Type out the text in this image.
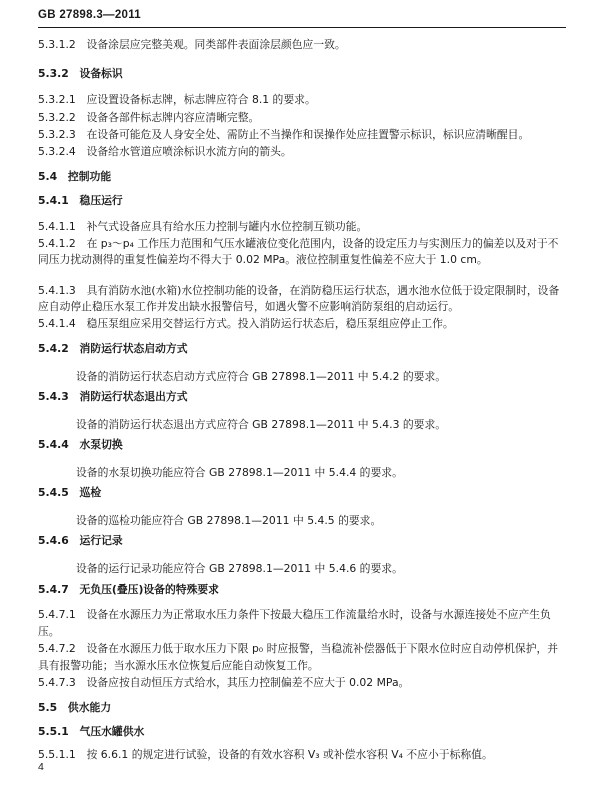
GB 27898.3—2011
5.3.1.2　设备涂层应完整美观。同类部件表面涂层颜色应一致。
5.3.2　设备标识
5.3.2.1　应设置设备标志牌，标志牌应符合 8.1 的要求。
5.3.2.2　设备各部件标志牌内容应清晰完整。
5.3.2.3　在设备可能危及人身安全处、需防止不当操作和误操作处应挂置警示标识，标识应清晰醒目。
5.3.2.4　设备给水管道应喷涂标识水流方向的箭头。
5.4　控制功能
5.4.1　稳压运行
5.4.1.1　补气式设备应具有给水压力控制与罐内水位控制互锁功能。
5.4.1.2　在 p₃～p₄ 工作压力范围和气压水罐液位变化范围内，设备的设定压力与实测压力的偏差以及对于不同压力扰动测得的重复性偏差均不得大于 0.02 MPa。液位控制重复性偏差不应大于 1.0 cm。
5.4.1.3　具有消防水池(水箱)水位控制功能的设备，在消防稳压运行状态，遇水池水位低于设定限制时，设备应自动停止稳压水泵工作并发出缺水报警信号，如遇火警不应影响消防泵组的启动运行。
5.4.1.4　稳压泵组应采用交替运行方式。投入消防运行状态后，稳压泵组应停止工作。
5.4.2　消防运行状态启动方式
设备的消防运行状态启动方式应符合 GB 27898.1—2011 中 5.4.2 的要求。
5.4.3　消防运行状态退出方式
设备的消防运行状态退出方式应符合 GB 27898.1—2011 中 5.4.3 的要求。
5.4.4　水泵切换
设备的水泵切换功能应符合 GB 27898.1—2011 中 5.4.4 的要求。
5.4.5　巡检
设备的巡检功能应符合 GB 27898.1—2011 中 5.4.5 的要求。
5.4.6　运行记录
设备的运行记录功能应符合 GB 27898.1—2011 中 5.4.6 的要求。
5.4.7　无负压(叠压)设备的特殊要求
5.4.7.1　设备在水源压力为正常取水压力条件下按最大稳压工作流量给水时，设备与水源连接处不应产生负压。
5.4.7.2　设备在水源压力低于取水压力下限 p₀ 时应报警，当稳流补偿器低于下限水位时应自动停机保护，并具有报警功能；当水源水压水位恢复后应能自动恢复工作。
5.4.7.3　设备应按自动恒压方式给水，其压力控制偏差不应大于 0.02 MPa。
5.5　供水能力
5.5.1　气压水罐供水
5.5.1.1　按 6.6.1 的规定进行试验，设备的有效水容积 V₃ 或补偿水容积 V₄ 不应小于标称值。
4
